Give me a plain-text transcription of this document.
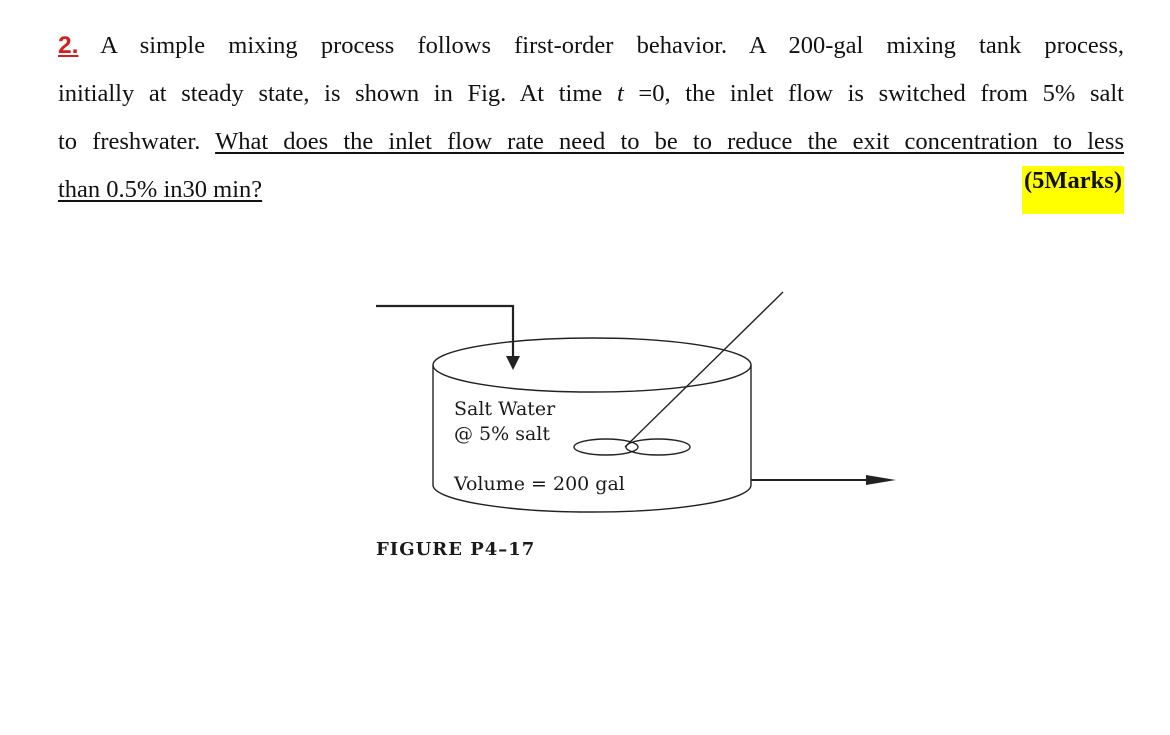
2. A simple mixing process follows first-order behavior. A 200-gal mixing tank process,
initially at steady state, is shown in Fig. At time t =0, the inlet flow is switched from 5% salt
to freshwater. What does the inlet flow rate need to be to reduce the exit concentration to less
than 0.5% in30 min?	(5Marks)
Salt Water
@ 5% salt
Volume = 200 gal
FIGURE P4–17
